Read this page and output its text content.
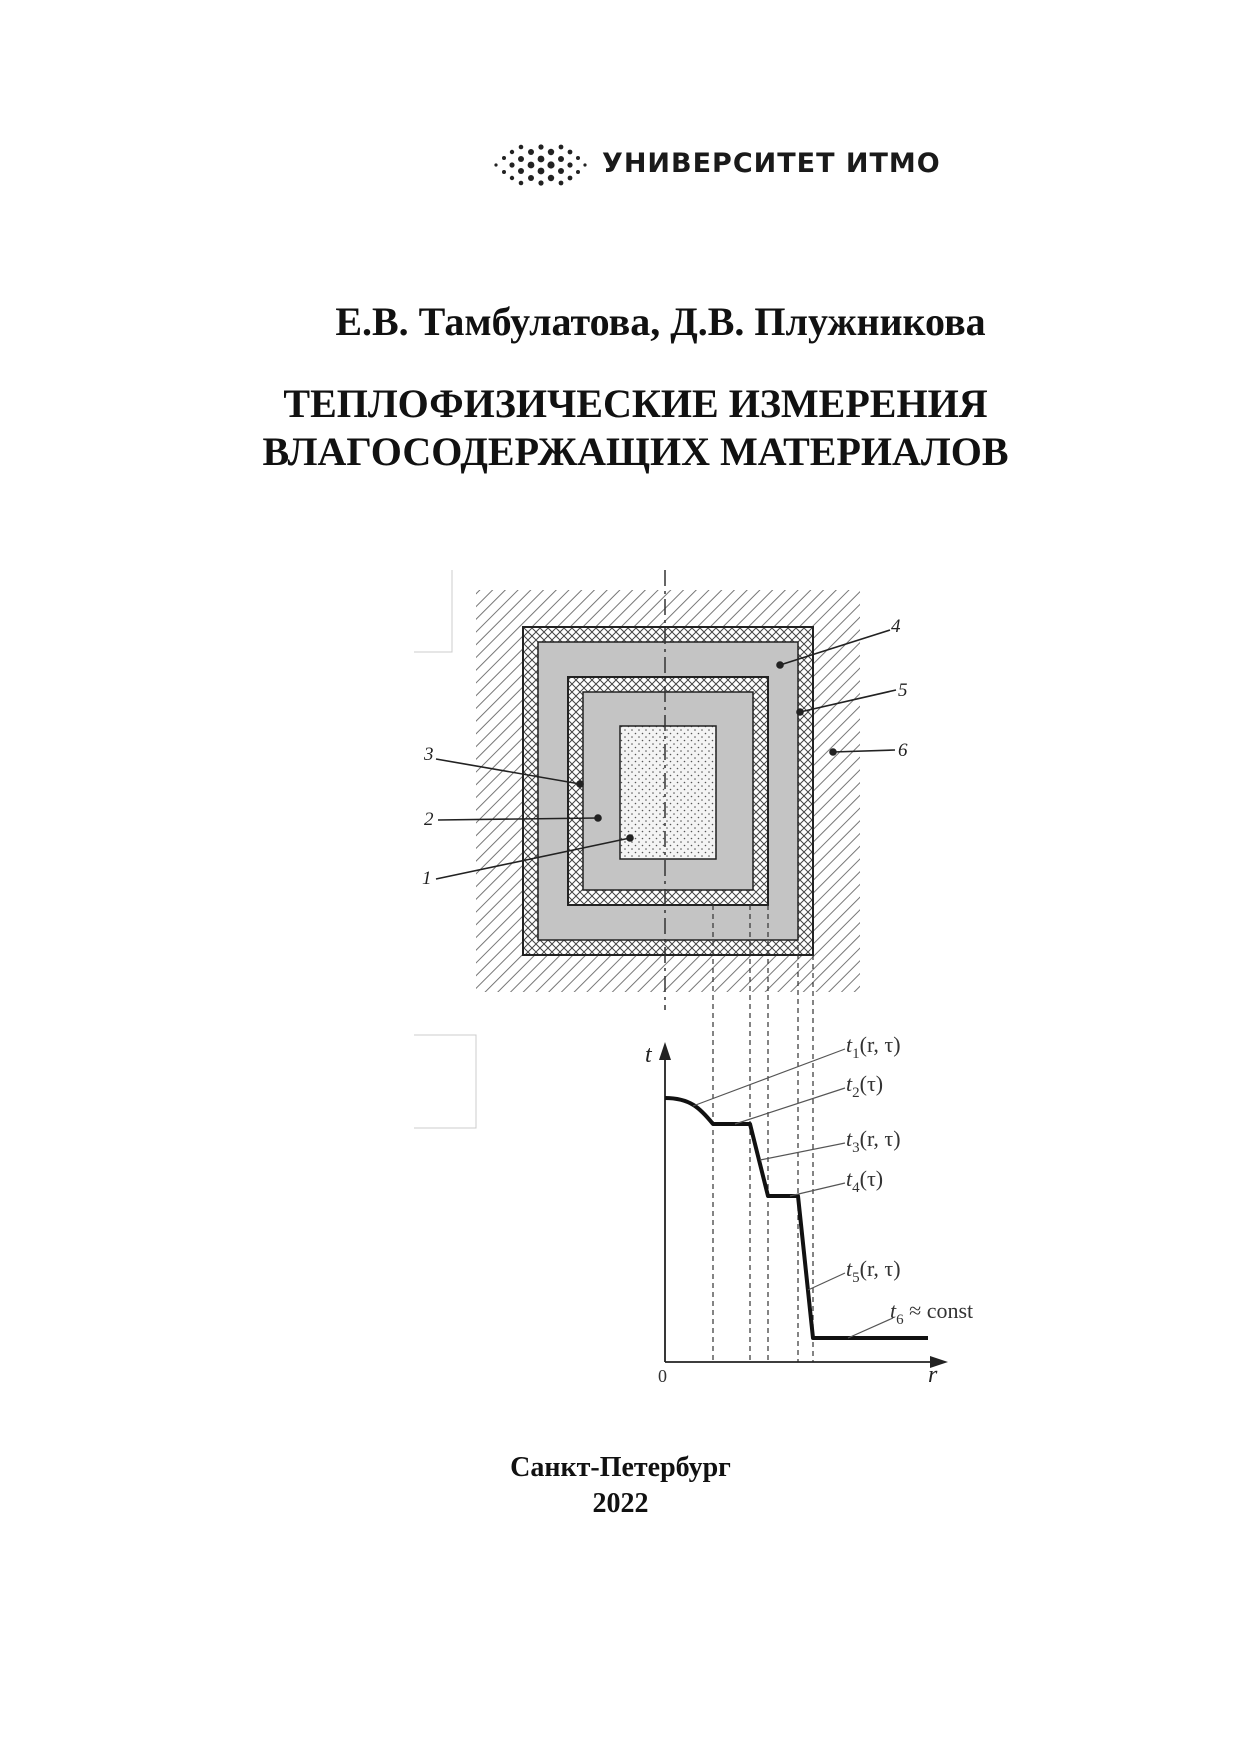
УНИВЕРСИТЕТ ИТМО
Е.В. Тамбулатова, Д.В. Плужникова
ТЕПЛОФИЗИЧЕСКИЕ ИЗМЕРЕНИЯ
ВЛАГОСОДЕРЖАЩИХ МАТЕРИАЛОВ
3
2
1
4
5
6
t
r
0
$t_1(r$, τ)
$t_2(\tau)$
$t_3(r$, τ)
$t_4(\tau)$
$t_5(r$, τ)
$t_6$ ≈ const
Санкт-Петербург
2022
